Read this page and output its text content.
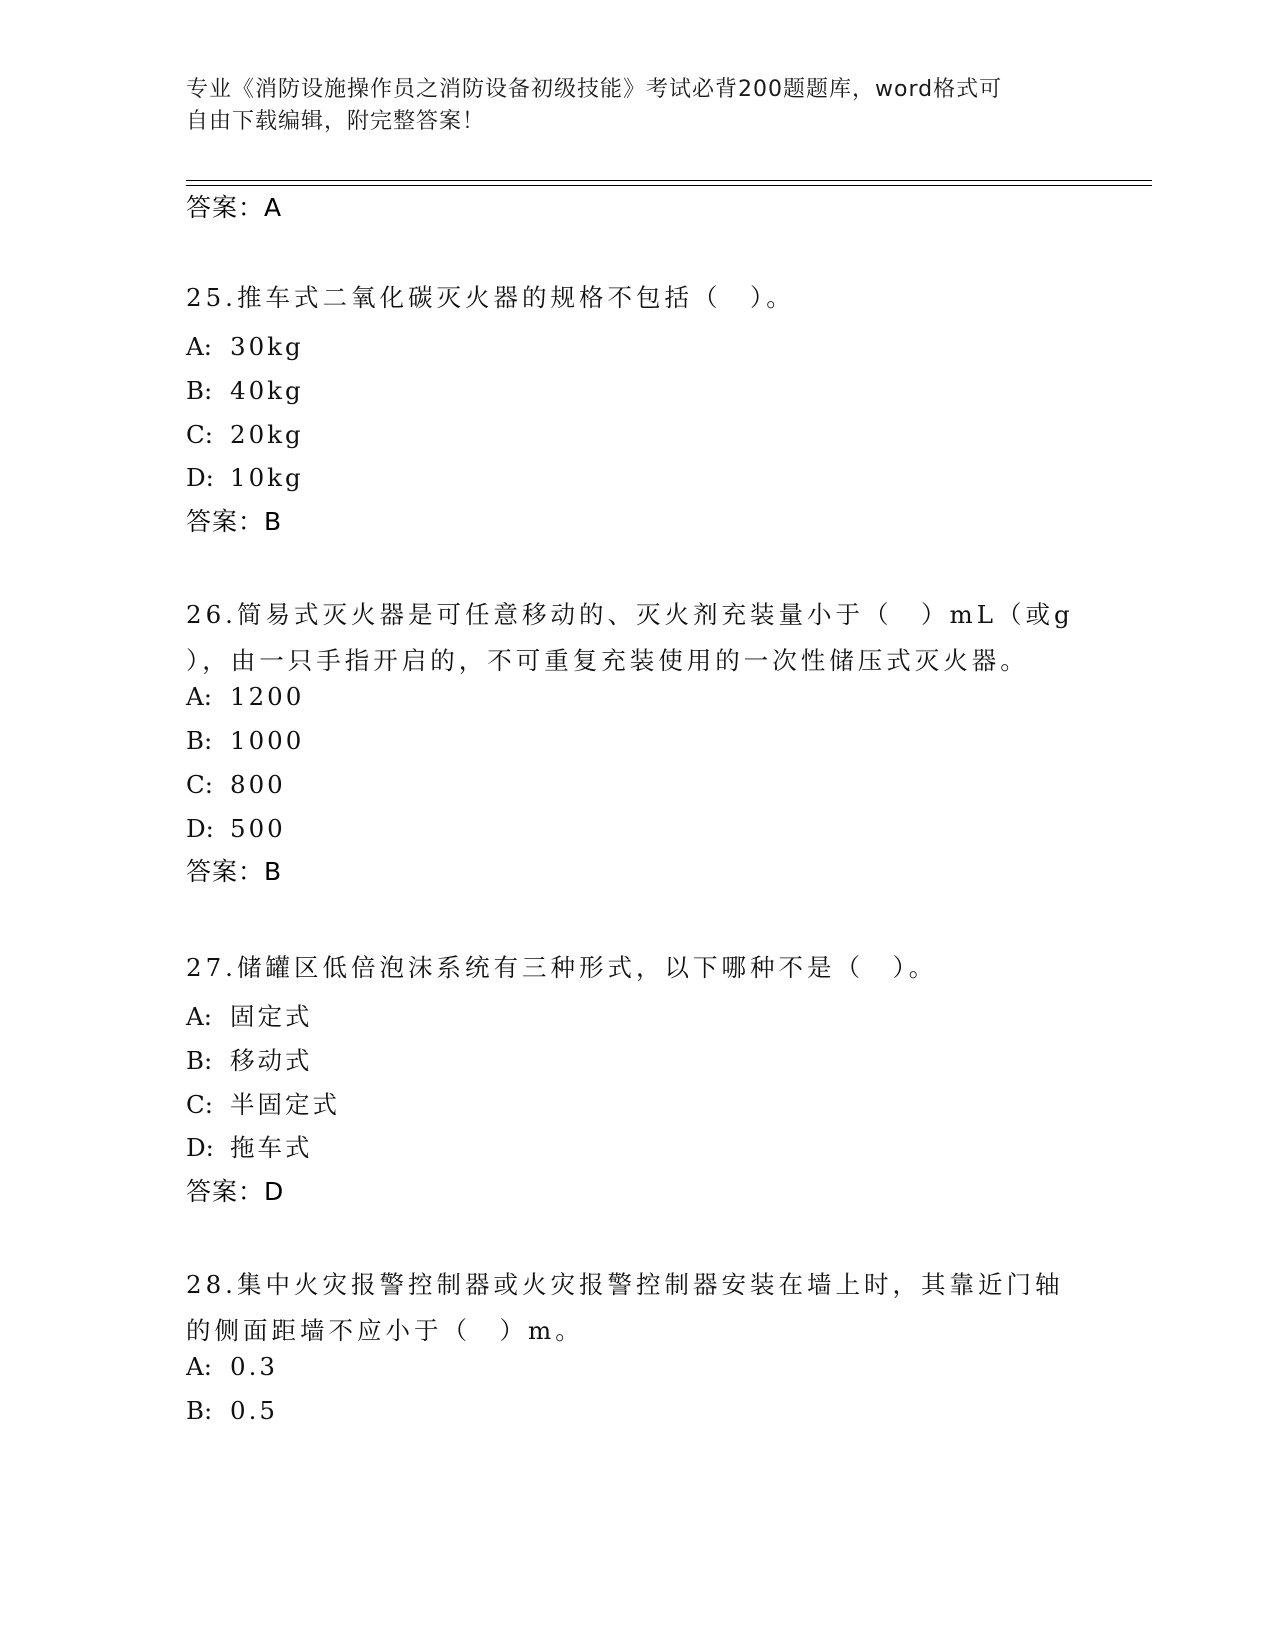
专业《消防设施操作员之消防设备初级技能》考试必背200题题库，word格式可
自由下载编辑，附完整答案！
答案：A
25.推车式二氧化碳灭火器的规格不包括（　）。
A: 30kg
B: 40kg
C: 20kg
D: 10kg
答案：B
26.简易式灭火器是可任意移动的、灭火剂充装量小于（　）mL（或g
），由一只手指开启的，不可重复充装使用的一次性储压式灭火器。
A: 1200
B: 1000
C: 800
D: 500
答案：B
27.储罐区低倍泡沫系统有三种形式，以下哪种不是（　）。
A: 固定式
B: 移动式
C: 半固定式
D: 拖车式
答案：D
28.集中火灾报警控制器或火灾报警控制器安装在墙上时，其靠近门轴
的侧面距墙不应小于（　）m。
A: 0.3
B: 0.5
